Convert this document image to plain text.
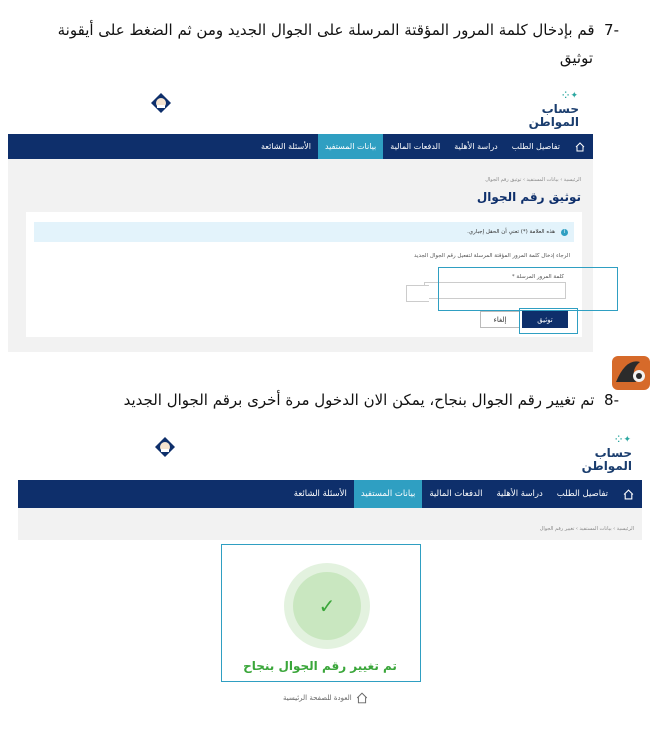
-7  قم بإدخال كلمة المرور المؤقتة المرسلة على الجوال الجديد ومن ثم الضغط على أيقونة
توثيق
✦⁘
حساب
المواطن
تفاصيل الطلب
دراسة الأهلية
الدفعات المالية
بيانات المستفيد
الأسئلة الشائعة
الرئيسية › بيانات المستفيد › توثيق رقم الجوال
توثيق رقم الجوال
i
هذه العلامة (*) تعني أن الحقل إجباري.
الرجاء إدخال كلمة المرور المؤقتة المرسلة لتفعيل رقم الجوال الجديد
كلمة المرور المرسلة *
توثيق
إلغاء
-8  تم تغيير رقم الجوال بنجاح، يمكن الان الدخول مرة أخرى برقم الجوال الجديد
✦⁘
حساب
المواطن
تفاصيل الطلب
دراسة الأهلية
الدفعات المالية
بيانات المستفيد
الأسئلة الشائعة
الرئيسية › بيانات المستفيد › تغيير رقم الجوال
✓
تم تغيير رقم الجوال بنجاح
العودة للصفحة الرئيسية
